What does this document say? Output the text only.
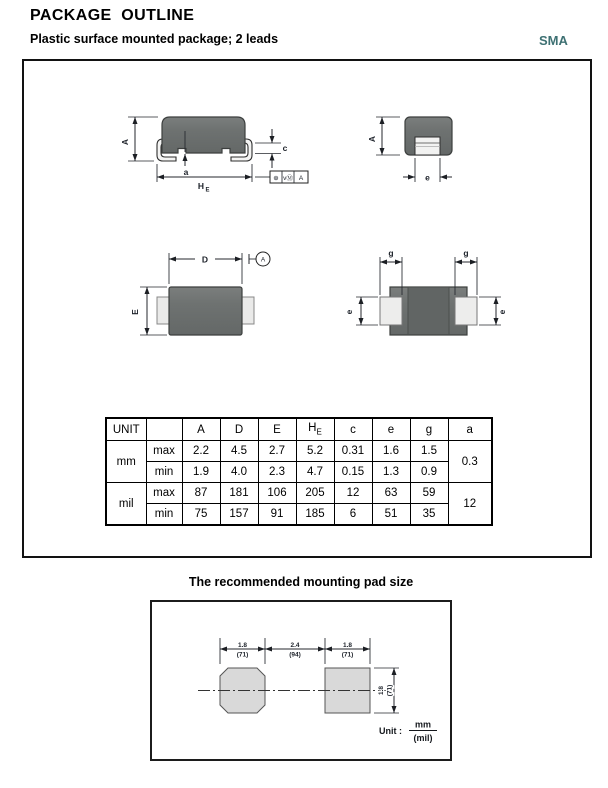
PACKAGE  OUTLINE
Plastic surface mounted package; 2 leads	SMA
A
a
H E
c
⊕ vⓂ A
A
e
D	A
E
g	g
e	e
UNIT		A	D	E	$H_E$	c	e	g	a
mm	max	2.2	4.5	2.7	5.2	0.31	1.6	1.5	0.3
	min	1.9	4.0	2.3	4.7	0.15	1.3	0.9	
mil	max	87	181	106	205	12	63	59	12
	min	75	157	91	185	6	51	35	
The recommended mounting pad size
1.8
(71)
2.4
(94)
1.8
(71)
1.8 (71)
Unit :
mm
(mil)
